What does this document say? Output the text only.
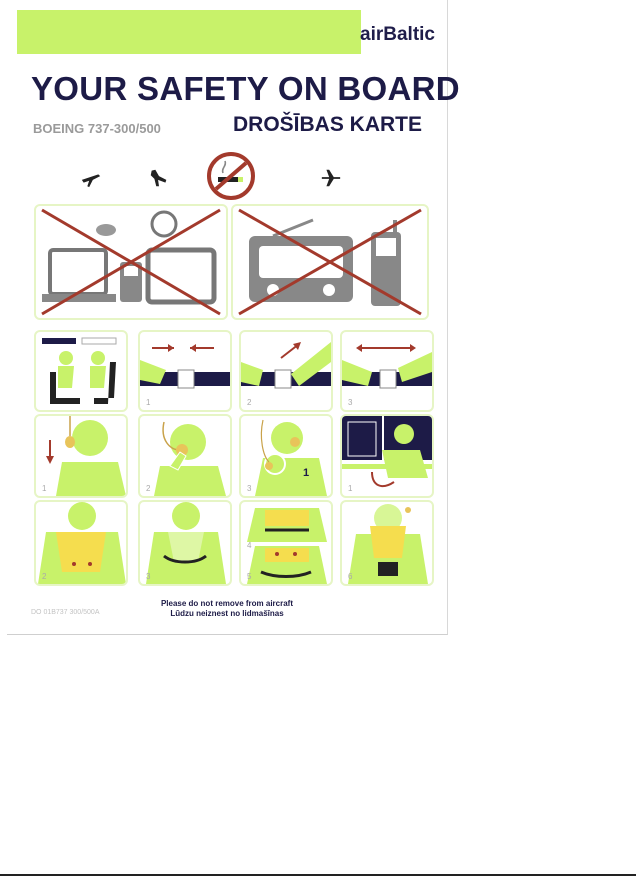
airBaltic
YOUR SAFETY ON BOARD
BOEING 737-300/500	DROŠĪBAS KARTE
1	2	3
1	2
1
3	1
2	3
4
5	6
DO 01B737 300/500A
Please do not remove from aircraft
Lūdzu neiznest no lidmašīnas
